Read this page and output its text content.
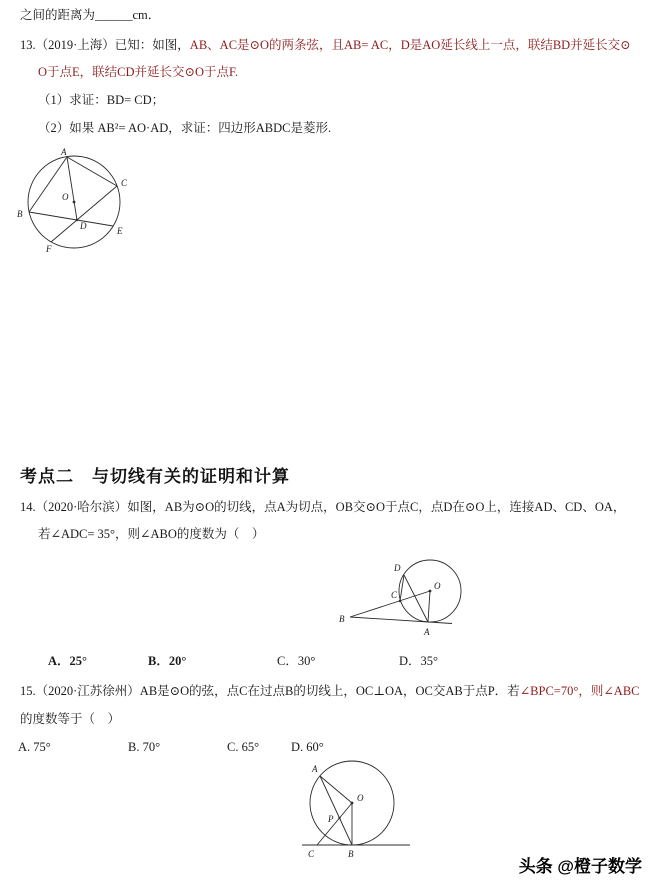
之间的距离为______cm．
13.（2019·上海）已知：如图，AB、AC是⊙O的两条弦，且AB= AC，D是AO延长线上一点，联结BD并延长交⊙
O于点E，联结CD并延长交⊙O于点F.
（1）求证：BD= CD；
（2）如果 AB²= AO·AD，求证：四边形ABDC是菱形.
A
B
C
D	E
F
O
考点二　与切线有关的证明和计算
14.（2020·哈尔滨）如图，AB为⊙O的切线，点A为切点，OB交⊙O于点C，点D在⊙O上，连接AD、CD、OA，
若∠ADC= 35°，则∠ABO的度数为（　）
O
C
B
A
D
A．25°	B．20°	C．30°	D．35°
15.（2020·江苏徐州）AB是⊙O的弦，点C在过点B的切线上，OC⊥OA，OC交AB于点P．若∠BPC=70°，则∠ABC
的度数等于（　）
A. 75°	B. 70°	C. 65°	D. 60°
A
O
P
B
C
头条 @橙子数学
